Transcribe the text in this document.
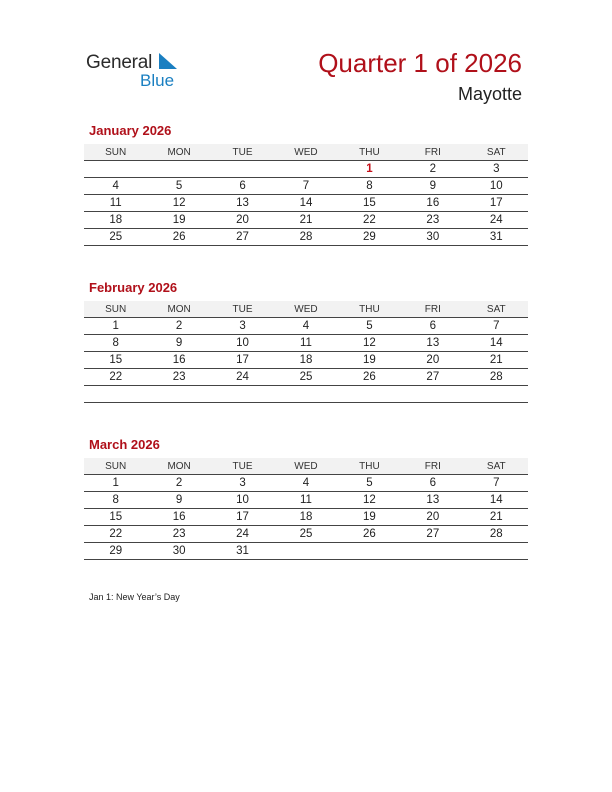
General
Blue
Quarter 1 of 2026
Mayotte
January 2026
SUN	MON	TUE	WED	THU	FRI	SAT
				1	2	3
4	5	6	7	8	9	10
11	12	13	14	15	16	17
18	19	20	21	22	23	24
25	26	27	28	29	30	31
February 2026
SUN	MON	TUE	WED	THU	FRI	SAT
1	2	3	4	5	6	7
8	9	10	11	12	13	14
15	16	17	18	19	20	21
22	23	24	25	26	27	28

March 2026
SUN	MON	TUE	WED	THU	FRI	SAT
1	2	3	4	5	6	7
8	9	10	11	12	13	14
15	16	17	18	19	20	21
22	23	24	25	26	27	28
29	30	31				
Jan 1: New Year’s Day
